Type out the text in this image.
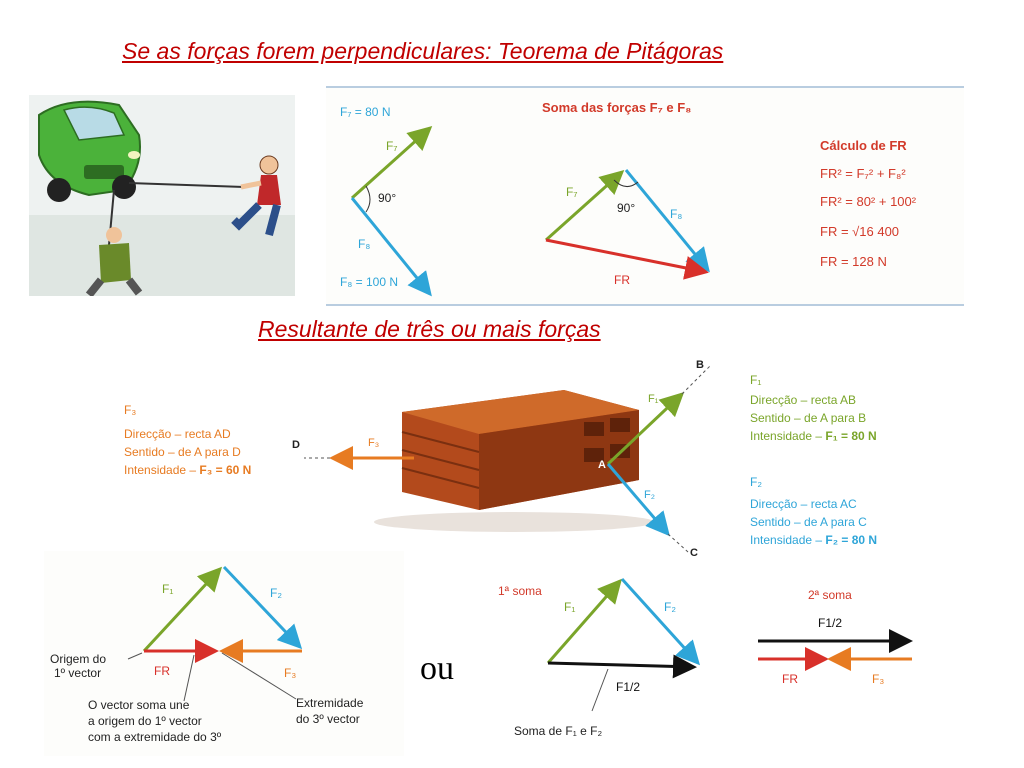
Se as forças forem perpendiculares: Teorema de Pitágoras
F₇ = 80 N
F₇
F₈
90°
F₈ = 100 N
Soma das forças F₇ e F₈
F₇
F₈
90°
FR
Cálculo de FR
FR² = F₇² + F₈²
FR² = 80² + 100²
FR = √16 400
FR = 128 N
Resultante de três ou mais forças
B
C
D
A
F₁
F₂
F₃
F₃
Direcção – recta AD
Sentido – de A para D
Intensidade – F₃ = 60 N
F₁
Direcção – recta AB
Sentido – de A para B
Intensidade – F₁ = 80 N
F₂
Direcção – recta AC
Sentido – de A para C
Intensidade – F₂ = 80 N
F₁	F₂
F₃
FR
Origem do
1º vector
Extremidade
do 3º vector
O vector soma une
a origem do 1º vector
com a extremidade do 3º
ou
1ª soma
F₁	F₂
F1/2
Soma de F₁ e F₂
2ª soma
F1/2
FR	F₃
